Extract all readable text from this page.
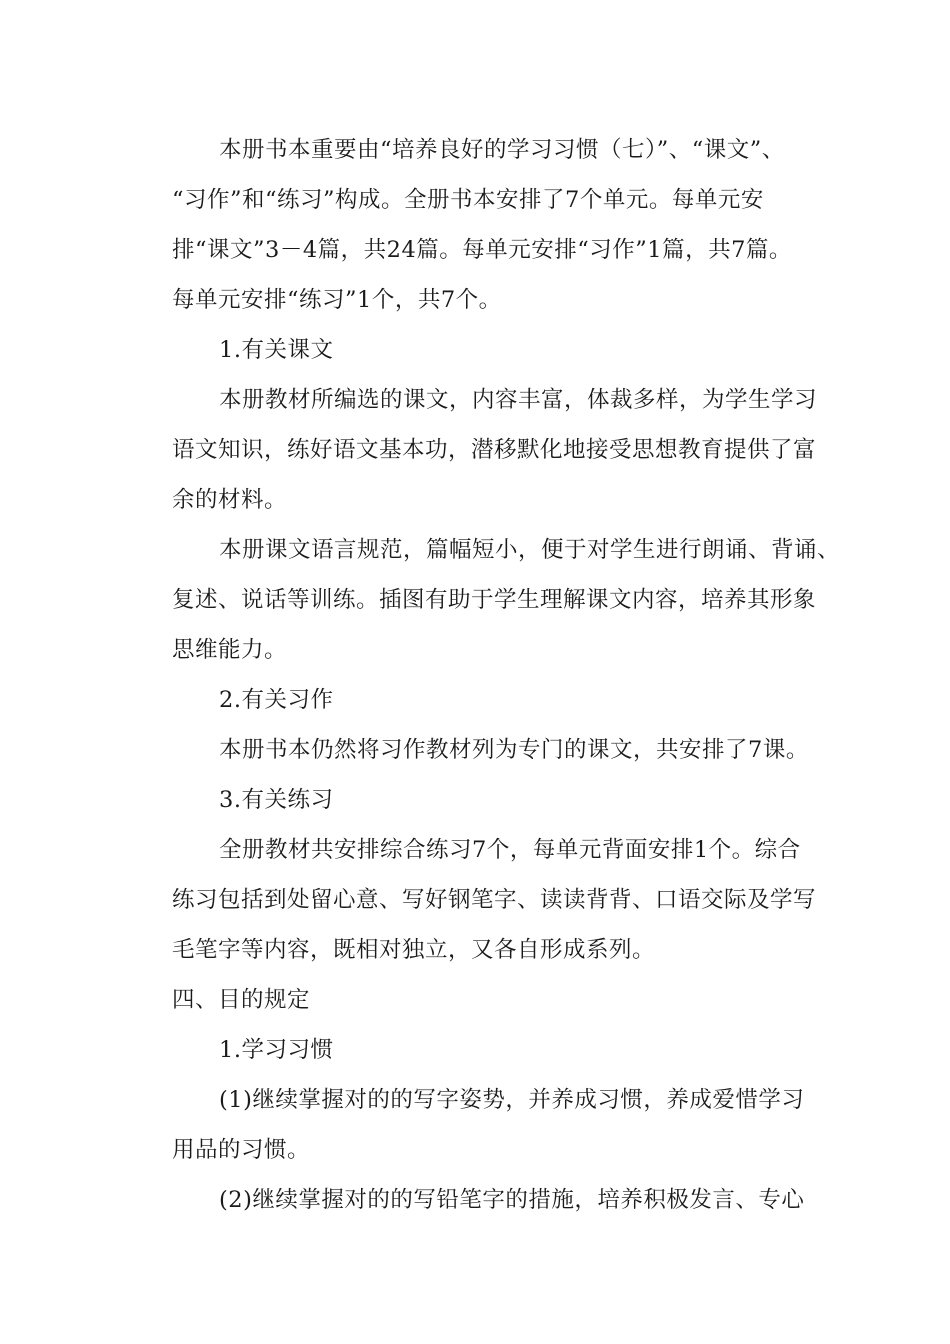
本册书本重要由“培养良好的学习习惯（七）”、“课文”、
“习作”和“练习”构成。全册书本安排了7个单元。每单元安
排“课文”3－4篇，共24篇。每单元安排“习作”1篇，共7篇。
每单元安排“练习”1个，共7个。
1.有关课文
本册教材所编选的课文，内容丰富，体裁多样，为学生学习
语文知识，练好语文基本功，潜移默化地接受思想教育提供了富
余的材料。
本册课文语言规范，篇幅短小，便于对学生进行朗诵、背诵、
复述、说话等训练。插图有助于学生理解课文内容，培养其形象
思维能力。
2.有关习作
本册书本仍然将习作教材列为专门的课文，共安排了7课。
3.有关练习
全册教材共安排综合练习7个，每单元背面安排1个。综合
练习包括到处留心意、写好钢笔字、读读背背、口语交际及学写
毛笔字等内容，既相对独立，又各自形成系列。
四、目的规定
1.学习习惯
(1)继续掌握对的的写字姿势，并养成习惯，养成爱惜学习
用品的习惯。
(2)继续掌握对的的写铅笔字的措施，培养积极发言、专心
